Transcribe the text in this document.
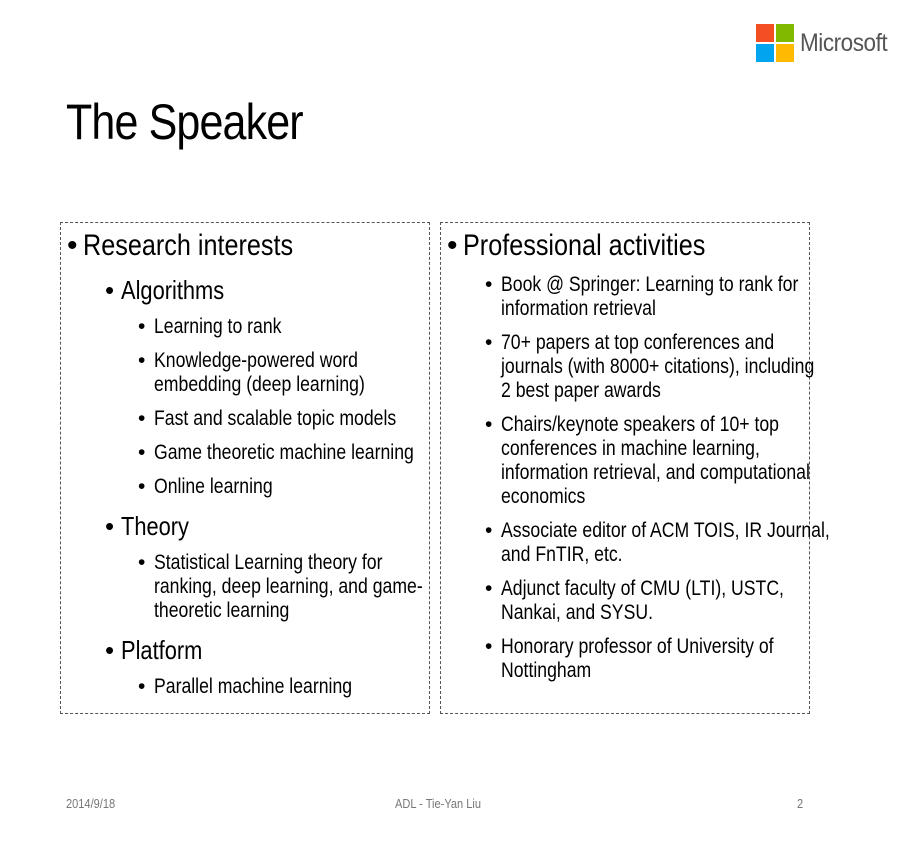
Microsoft
The Speaker
• Research interests
• Algorithms
• Learning to rank
• Knowledge-powered word
embedding (deep learning)
• Fast and scalable topic models
• Game theoretic machine learning
• Online learning
• Theory
• Statistical Learning theory for
ranking, deep learning, and game-
theoretic learning
• Platform
• Parallel machine learning
• Professional activities
• Book @ Springer: Learning to rank for
information retrieval
• 70+ papers at top conferences and
journals (with 8000+ citations), including
2 best paper awards
• Chairs/keynote speakers of 10+ top
conferences in machine learning,
information retrieval, and computational
economics
• Associate editor of ACM TOIS, IR Journal,
and FnTIR, etc.
• Adjunct faculty of CMU (LTI), USTC,
Nankai, and SYSU.
• Honorary professor of University of
Nottingham
2014/9/18	ADL - Tie-Yan Liu	2
